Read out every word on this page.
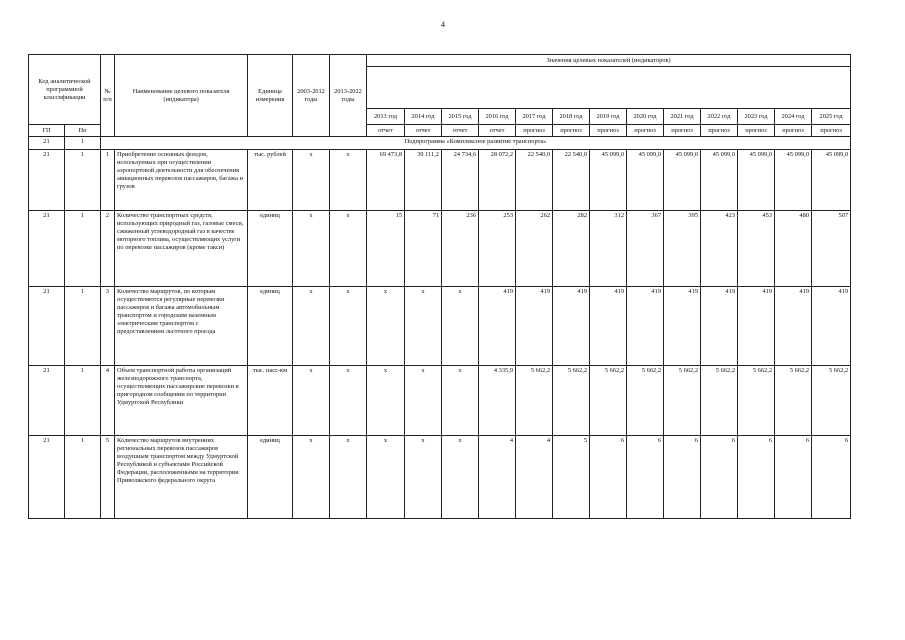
4
Код аналитической программной классификации		№ п/п	Наименование целевого показателя (индикатора)	Единица измерения	2003-2012 годы	2013-2022 годы	Значения целевых показателей (индикаторов)												

							2013 год	2014 год	2015 год	2016 год	2017 год	2018 год	2019 год	2020 год	2021 год	2022 год	2023 год	2024 год	2025 год
ГП	Пп						отчет	отчет	отчет	отчет	прогноз	прогноз	прогноз	прогноз	прогноз	прогноз	прогноз	прогноз	прогноз
21	1	Подпрограмма «Комплексное развитие транспорта»																	
21	1	1	Приобретение основных фондов, используемых при осуществлении аэропортовой деятельности для обеспечения авиационных перевозок пассажиров, багажа и грузов	тыс. рублей	x	x	69 473,8	39 111,2	24 734,6	28 072,2	22 540,0	22 540,0	45 099,0	45 099,0	45 099,0	45 099,0	45 099,0	45 099,0	45 099,0
21	1	2	Количество транспортных средств, использующих природный газ, газовые смеси, сжиженный углеводородный газ в качестве моторного топлива, осуществляющих услуги по перевозке пассажиров (кроме такси)	единиц	x	x	15	71	236	253	262	282	312	367	395	423	453	480	507
21	1	3	Количество маршрутов, по которым осуществляются регулярные перевозки пассажиров и багажа автомобильным транспортом и городским наземным электрическим транспортом с предоставлением льготного проезда	единиц	x	x	x	x	x	419	419	419	419	419	419	419	419	419	419
21	1	4	Объем транспортной работы организаций железнодорожного транспорта, осуществляющих пассажирские перевозки в пригородном сообщении по территории Удмуртской Республики	тыс. пасс-км	x	x	x	x	x	4 335,9	5 662,2	5 662,2	5 662,2	5 662,2	5 662,2	5 662,2	5 662,2	5 662,2	5 662,2
21	1	5	Количество маршрутов внутренних региональных перевозок пассажиров воздушным транспортом между Удмуртской Республикой и субъектами Российской Федерации, расположенными на территории Приволжского федерального округа	единиц	x	x	x	x	x	4	4	5	6	6	6	6	6	6	6
